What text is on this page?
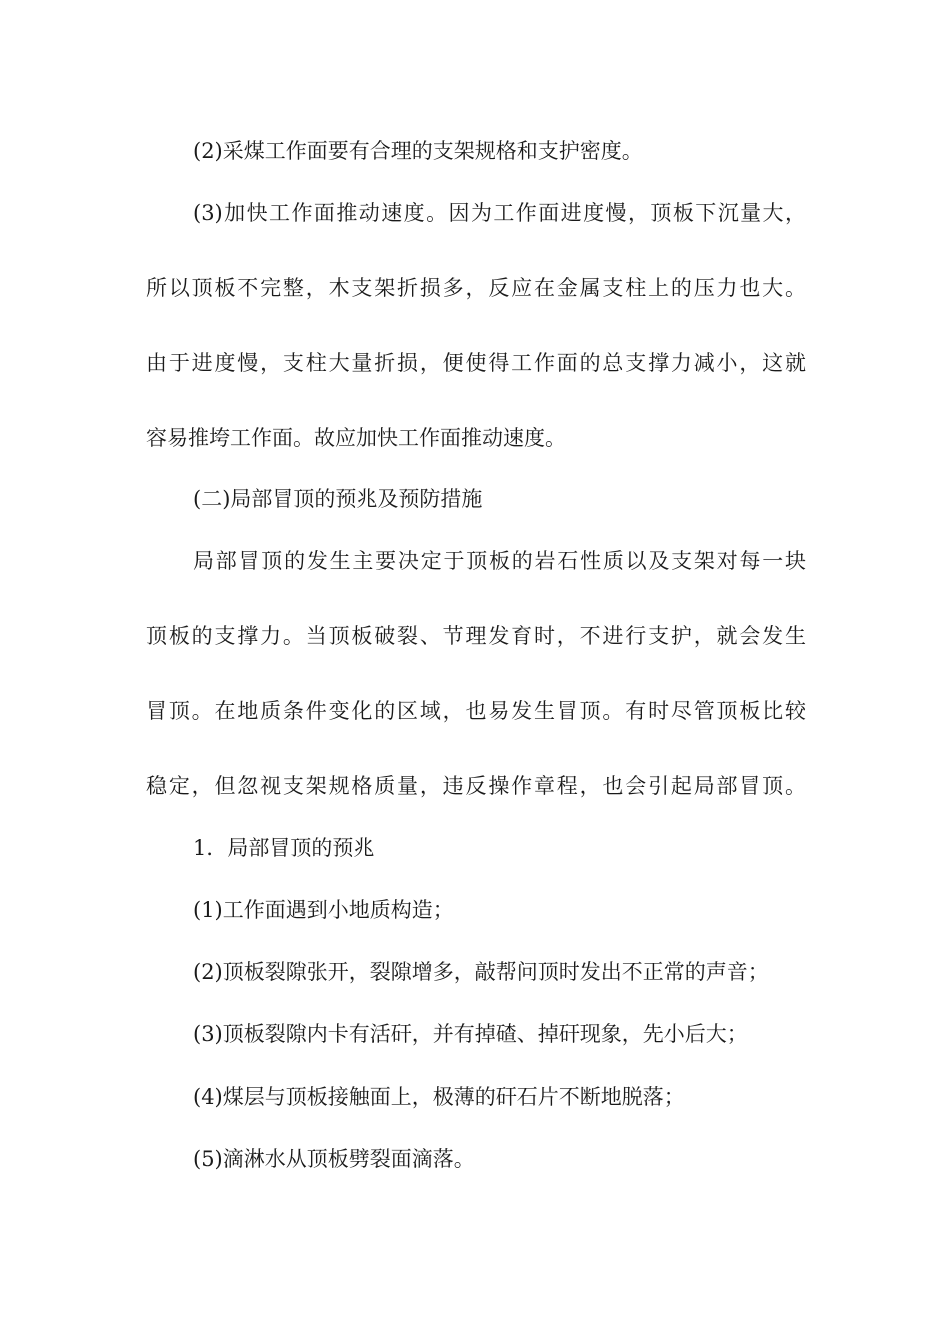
(2)采煤工作面要有合理的支架规格和支护密度。
(3)加快工作面推动速度。因为工作面进度慢，顶板下沉量大，
所以顶板不完整，木支架折损多，反应在金属支柱上的压力也大。
由于进度慢，支柱大量折损，便使得工作面的总支撑力减小，这就
容易推垮工作面。故应加快工作面推动速度。
(二)局部冒顶的预兆及预防措施
局部冒顶的发生主要决定于顶板的岩石性质以及支架对每一块
顶板的支撑力。当顶板破裂、节理发育时，不进行支护，就会发生
冒顶。在地质条件变化的区域，也易发生冒顶。有时尽管顶板比较
稳定，但忽视支架规格质量，违反操作章程，也会引起局部冒顶。
1．局部冒顶的预兆
(1)工作面遇到小地质构造；
(2)顶板裂隙张开，裂隙增多，敲帮问顶时发出不正常的声音；
(3)顶板裂隙内卡有活矸，并有掉碴、掉矸现象，先小后大；
(4)煤层与顶板接触面上，极薄的矸石片不断地脱落；
(5)滴淋水从顶板劈裂面滴落。
